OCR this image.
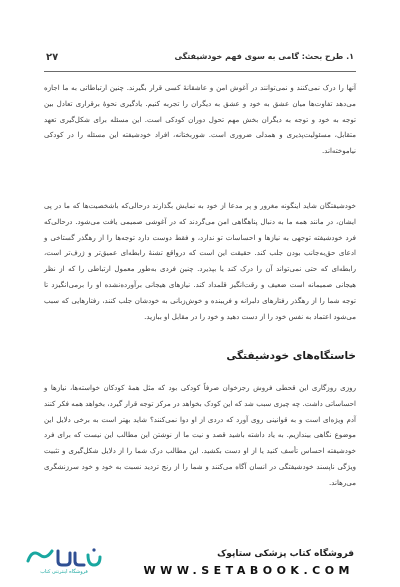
۲۷	۱. طرح بحث: گامی به سوی فهم خودشیفتگی

آنها را درک نمی‌کنند و نمی‌توانند در آغوش امن و عاشقانهٔ کسی قرار بگیرند. چنین ارتباطاتی به ما اجازه می‌دهد تفاوت‌ها میان عشق به خود و عشق به دیگران را تجربه کنیم. یادگیری نحوهٔ برقراری تعادل بین توجه به خود و توجه به دیگران بخش مهم تحول دوران کودکی است. این مسئله برای شکل‌گیری تعهد متقابل، مسئولیت‌پذیری و همدلی ضروری است. شوربختانه، افراد خودشیفته این مسئله را در کودکی نیاموخته‌اند.

خودشیفتگان شاید اینگونه مغرور و پر مدعا از خود به نمایش بگذارند درحالی‌که باشخصیت‌ها که ما در پی ایشان، در مانند همه ما به دنبال پناهگاهی امن می‌گردند که در آغوشی صمیمی یافت می‌شود. درحالی‌که فرد خودشیفته توجهی به نیازها و احساسات تو ندارد، و فقط دوست دارد توجه‌ها را از رهگذر گستاخی و ادعای حق‌به‌جانب بودن جلب کند. حقیقت این است که درواقع تشنهٔ رابطه‌ای عمیق‌تر و ژرف‌تر است، رابطه‌ای که حتی نمی‌تواند آن را درک کند یا بپذیرد. چنین فردی به‌طور معمول ارتباطی را که از نظر هیجانی صمیمانه است ضعیف و رقت‌انگیز قلمداد کند. نیازهای هیجانی برآورده‌نشده او را برمی‌انگیزد تا توجه شما را از رهگذر رفتارهای دلبرانه و فریبنده و خوش‌زبانی به خودشان جلب کنند، رفتارهایی که سبب می‌شود اعتماد به نفس خود را از دست دهید و خود را در مقابل او ببازید.

خاستگاه‌های خودشیفتگی

روزی روزگاری این قحطی فروش رجزخوان صرفاً کودکی بود که مثل همهٔ کودکان خواسته‌ها، نیازها و احساساتی داشت. چه چیزی سبب شد که این کودک بخواهد در مرکز توجه قرار گیرد، بخواهد همه فکر کنند آدم ویژه‌ای است و به قوانینی روی آورد که دردی از او دوا نمی‌کنند؟ شاید بهتر است به برخی دلایل این موضوع نگاهی بیندازیم. به یاد داشته باشید قصد و نیت ما از نوشتن این مطالب این نیست که برای فرد خودشیفته احساس تأسف کنید یا از او دست بکشید. این مطالب درک شما را از دلایل شکل‌گیری و تثبیت ویژگی ناپسند خودشیفتگی در انسان آگاه می‌کنند و شما را از رنج تردید نسبت به خود و خود سرزنشگری می‌رهاند.

فروشگاه اینترنتی کتاب
فروشگاه کتاب پزشکی ستاپوک
WWW.SETABOOK.COM
